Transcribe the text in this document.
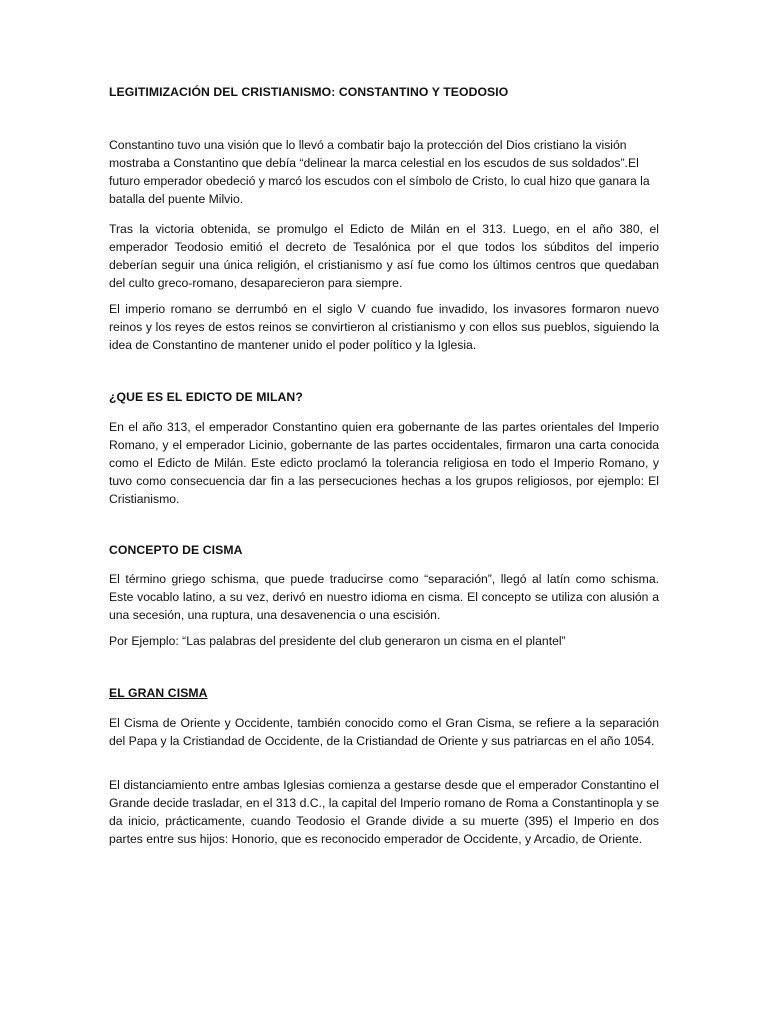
LEGITIMIZACIÓN DEL CRISTIANISMO: CONSTANTINO Y TEODOSIO

Constantino tuvo una visión que lo llevó a combatir bajo la protección del Dios cristiano la visión mostraba a Constantino que debía “delinear la marca celestial en los escudos de sus soldados”.El futuro emperador obedeció y marcó los escudos con el símbolo de Cristo, lo cual hizo que ganara la batalla del puente Milvio.

Tras la victoria obtenida, se promulgo el Edicto de Milán en el 313. Luego, en el año 380, el emperador Teodosio emitió el decreto de Tesalónica por el que todos los súbditos del imperio deberían seguir una única religión, el cristianismo y así fue como los últimos centros que quedaban del culto greco-romano, desaparecieron para siempre.

El imperio romano se derrumbó en el siglo V cuando fue invadido, los invasores formaron nuevo reinos y los reyes de estos reinos se convirtieron al cristianismo y con ellos sus pueblos, siguiendo la idea de Constantino de mantener unido el poder político y la Iglesia.

¿QUE ES EL EDICTO DE MILAN?

En el año 313, el emperador Constantino quien era gobernante de las partes orientales del Imperio Romano, y el emperador Licinio, gobernante de las partes occidentales, firmaron una carta conocida como el Edicto de Milán. Este edicto proclamó la tolerancia religiosa en todo el Imperio Romano, y tuvo como consecuencia dar fin a las persecuciones hechas a los grupos religiosos, por ejemplo: El Cristianismo.

CONCEPTO DE CISMA

El término griego schisma, que puede traducirse como “separación”, llegó al latín como schisma. Este vocablo latino, a su vez, derivó en nuestro idioma en cisma. El concepto se utiliza con alusión a una secesión, una ruptura, una desavenencia o una escisión.

Por Ejemplo: “Las palabras del presidente del club generaron un cisma en el plantel”

EL GRAN CISMA

El Cisma de Oriente y Occidente, también conocido como el Gran Cisma, se refiere a la separación del Papa y la Cristiandad de Occidente, de la Cristiandad de Oriente y sus patriarcas en el año 1054.

El distanciamiento entre ambas Iglesias comienza a gestarse desde que el emperador Constantino el Grande decide trasladar, en el 313 d.C., la capital del Imperio romano de Roma a Constantinopla y se da inicio, prácticamente, cuando Teodosio el Grande divide a su muerte (395) el Imperio en dos partes entre sus hijos: Honorio, que es reconocido emperador de Occidente, y Arcadio, de Oriente.
